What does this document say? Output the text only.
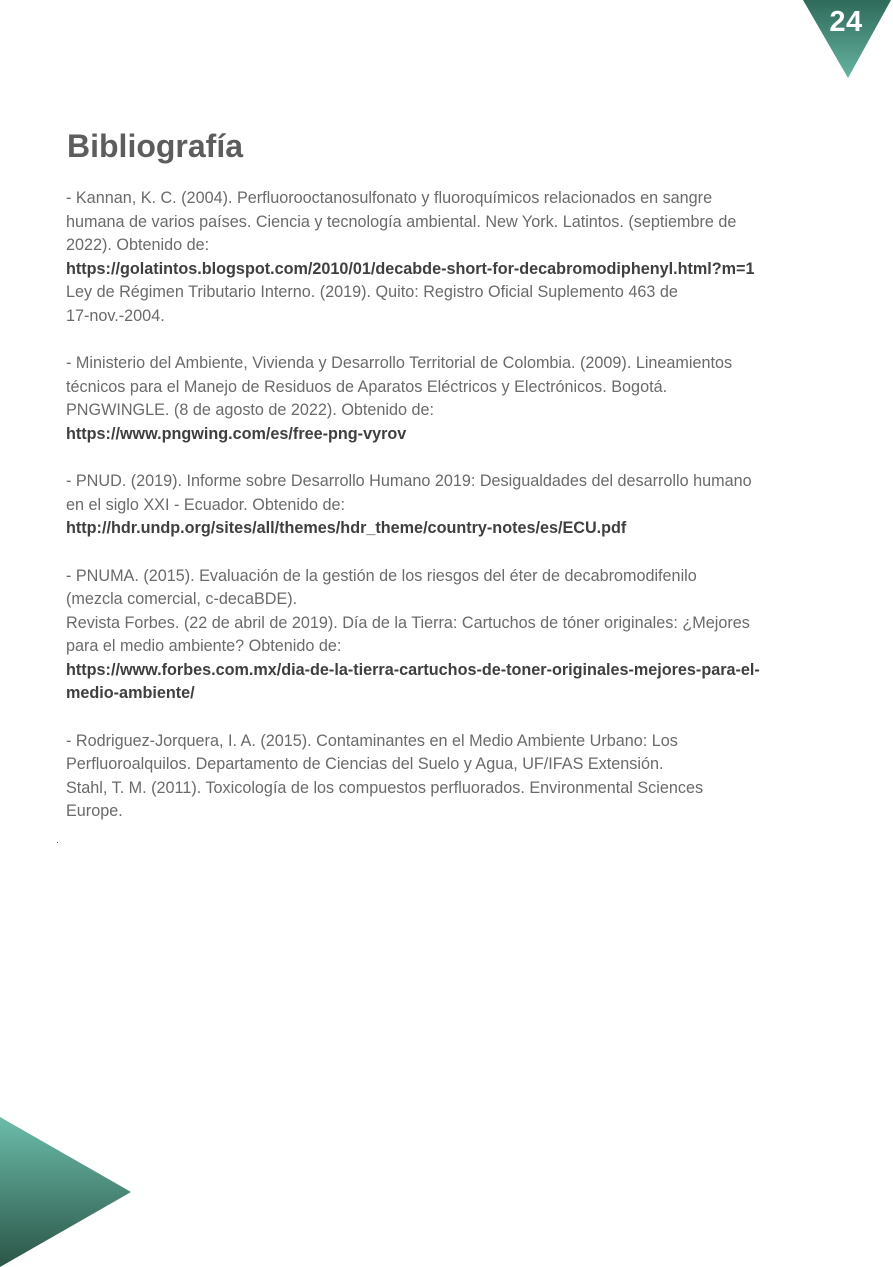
24
Bibliografía
- Kannan, K. C. (2004). Perfluorooctanosulfonato y fluoroquímicos relacionados en sangre
humana de varios países. Ciencia y tecnología ambiental. New York. Latintos. (septiembre de
2022). Obtenido de:
https://golatintos.blogspot.com/2010/01/decabde-short-for-decabromodiphenyl.html?m=1
Ley de Régimen Tributario Interno. (2019). Quito: Registro Oficial Suplemento 463 de
17-nov.-2004.
- Ministerio del Ambiente, Vivienda y Desarrollo Territorial de Colombia. (2009). Lineamientos
técnicos para el Manejo de Residuos de Aparatos Eléctricos y Electrónicos. Bogotá.
PNGWINGLE. (8 de agosto de 2022). Obtenido de:
https://www.pngwing.com/es/free-png-vyrov
- PNUD. (2019). Informe sobre Desarrollo Humano 2019: Desigualdades del desarrollo humano
en el siglo XXI - Ecuador. Obtenido de:
http://hdr.undp.org/sites/all/themes/hdr_theme/country-notes/es/ECU.pdf
- PNUMA. (2015). Evaluación de la gestión de los riesgos del éter de decabromodifenilo
(mezcla comercial, c-decaBDE).
Revista Forbes. (22 de abril de 2019). Día de la Tierra: Cartuchos de tóner originales: ¿Mejores
para el medio ambiente? Obtenido de:
https://www.forbes.com.mx/dia-de-la-tierra-cartuchos-de-toner-originales-mejores-para-el-
medio-ambiente/
- Rodriguez-Jorquera, I. A. (2015). Contaminantes en el Medio Ambiente Urbano: Los
Perfluoroalquilos. Departamento de Ciencias del Suelo y Agua, UF/IFAS Extensión.
Stahl, T. M. (2011). Toxicología de los compuestos perfluorados. Environmental Sciences
Europe.
